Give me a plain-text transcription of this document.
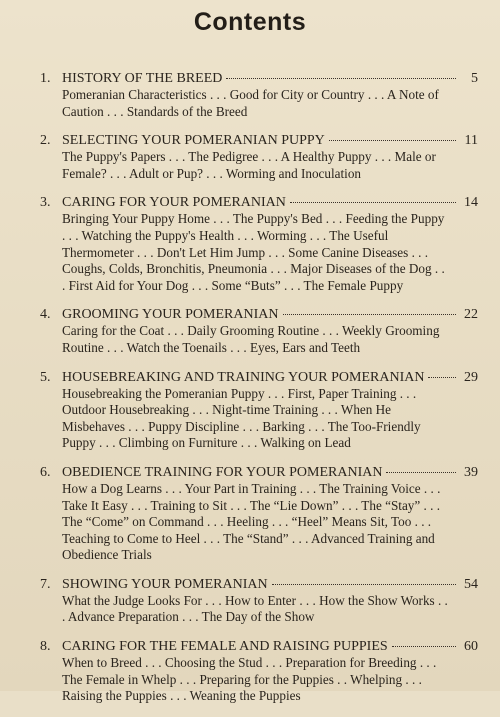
Contents
1. HISTORY OF THE BREED	5
Pomeranian Characteristics . . . Good for City or Country . . . A Note of Caution . . . Standards of the Breed
2. SELECTING YOUR POMERANIAN PUPPY	11
The Puppy's Papers . . . The Pedigree . . . A Healthy Puppy . . . Male or Female? . . . Adult or Pup? . . . Worming and Inoculation
3. CARING FOR YOUR POMERANIAN	14
Bringing Your Puppy Home . . . The Puppy's Bed . . . Feeding the Puppy . . . Watching the Puppy's Health . . . Worming . . . The Useful Thermometer . . . Don't Let Him Jump . . . Some Canine Diseases . . . Coughs, Colds, Bronchitis, Pneumonia . . . Major Diseases of the Dog . . . First Aid for Your Dog . . . Some “Buts” . . . The Female Puppy
4. GROOMING YOUR POMERANIAN	22
Caring for the Coat . . . Daily Grooming Routine . . . Weekly Grooming Routine . . . Watch the Toenails . . . Eyes, Ears and Teeth
5. HOUSEBREAKING AND TRAINING YOUR POMERANIAN	29
Housebreaking the Pomeranian Puppy . . . First, Paper Training . . . Outdoor Housebreaking . . . Night-time Training . . . When He Misbehaves . . . Puppy Discipline . . . Barking . . . The Too-Friendly Puppy . . . Climbing on Furniture . . . Walking on Lead
6. OBEDIENCE TRAINING FOR YOUR POMERANIAN	39
How a Dog Learns . . . Your Part in Training . . . The Training Voice . . . Take It Easy . . . Training to Sit . . . The “Lie Down” . . . The “Stay” . . . The “Come” on Command . . . Heeling . . . “Heel” Means Sit, Too . . . Teaching to Come to Heel . . . The “Stand” . . . Advanced Training and Obedience Trials
7. SHOWING YOUR POMERANIAN	54
What the Judge Looks For . . . How to Enter . . . How the Show Works . . . Advance Preparation . . . The Day of the Show
8. CARING FOR THE FEMALE AND RAISING PUPPIES	60
When to Breed . . . Choosing the Stud . . . Preparation for Breeding . . . The Female in Whelp . . . Preparing for the Puppies . . Whelping . . . Raising the Puppies . . . Weaning the Puppies
